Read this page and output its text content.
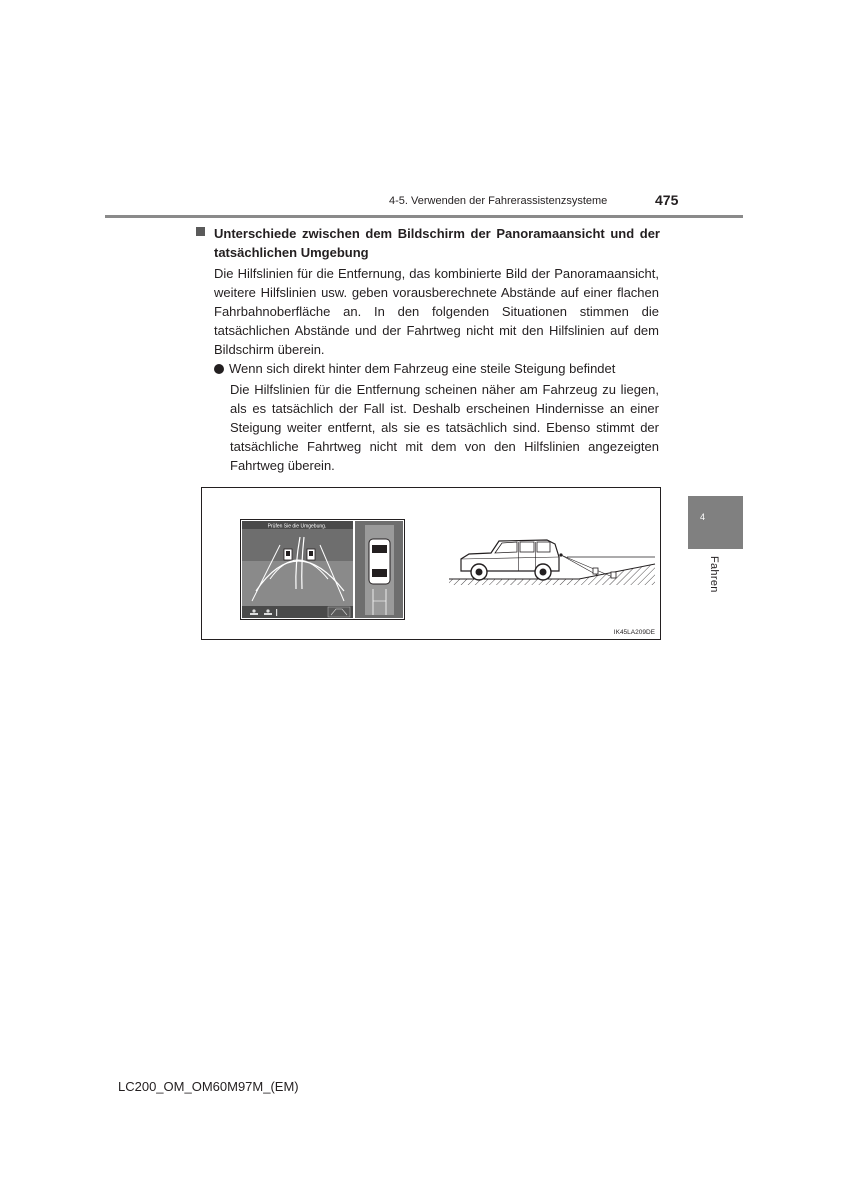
4-5. Verwenden der Fahrerassistenzsysteme	475
4
Fahren
Unterschiede zwischen dem Bildschirm der Panoramaansicht und der tatsächlichen Umgebung
Die Hilfslinien für die Entfernung, das kombinierte Bild der Panoramaansicht, weitere Hilfslinien usw. geben vorausberechnete Abstände auf einer flachen Fahrbahnoberfläche an. In den folgenden Situationen stimmen die tatsächlichen Abstände und der Fahrtweg nicht mit den Hilfslinien auf dem Bildschirm überein.
Wenn sich direkt hinter dem Fahrzeug eine steile Steigung befindet
Die Hilfslinien für die Entfernung scheinen näher am Fahrzeug zu liegen, als es tatsächlich der Fall ist. Deshalb erscheinen Hindernisse an einer Steigung weiter entfernt, als sie es tatsächlich sind. Ebenso stimmt der tatsächliche Fahrtweg nicht mit dem von den Hilfslinien angezeigten Fahrtweg überein.
Prüfen Sie die Umgebung.
IK45LA209DE
LC200_OM_OM60M97M_(EM)
